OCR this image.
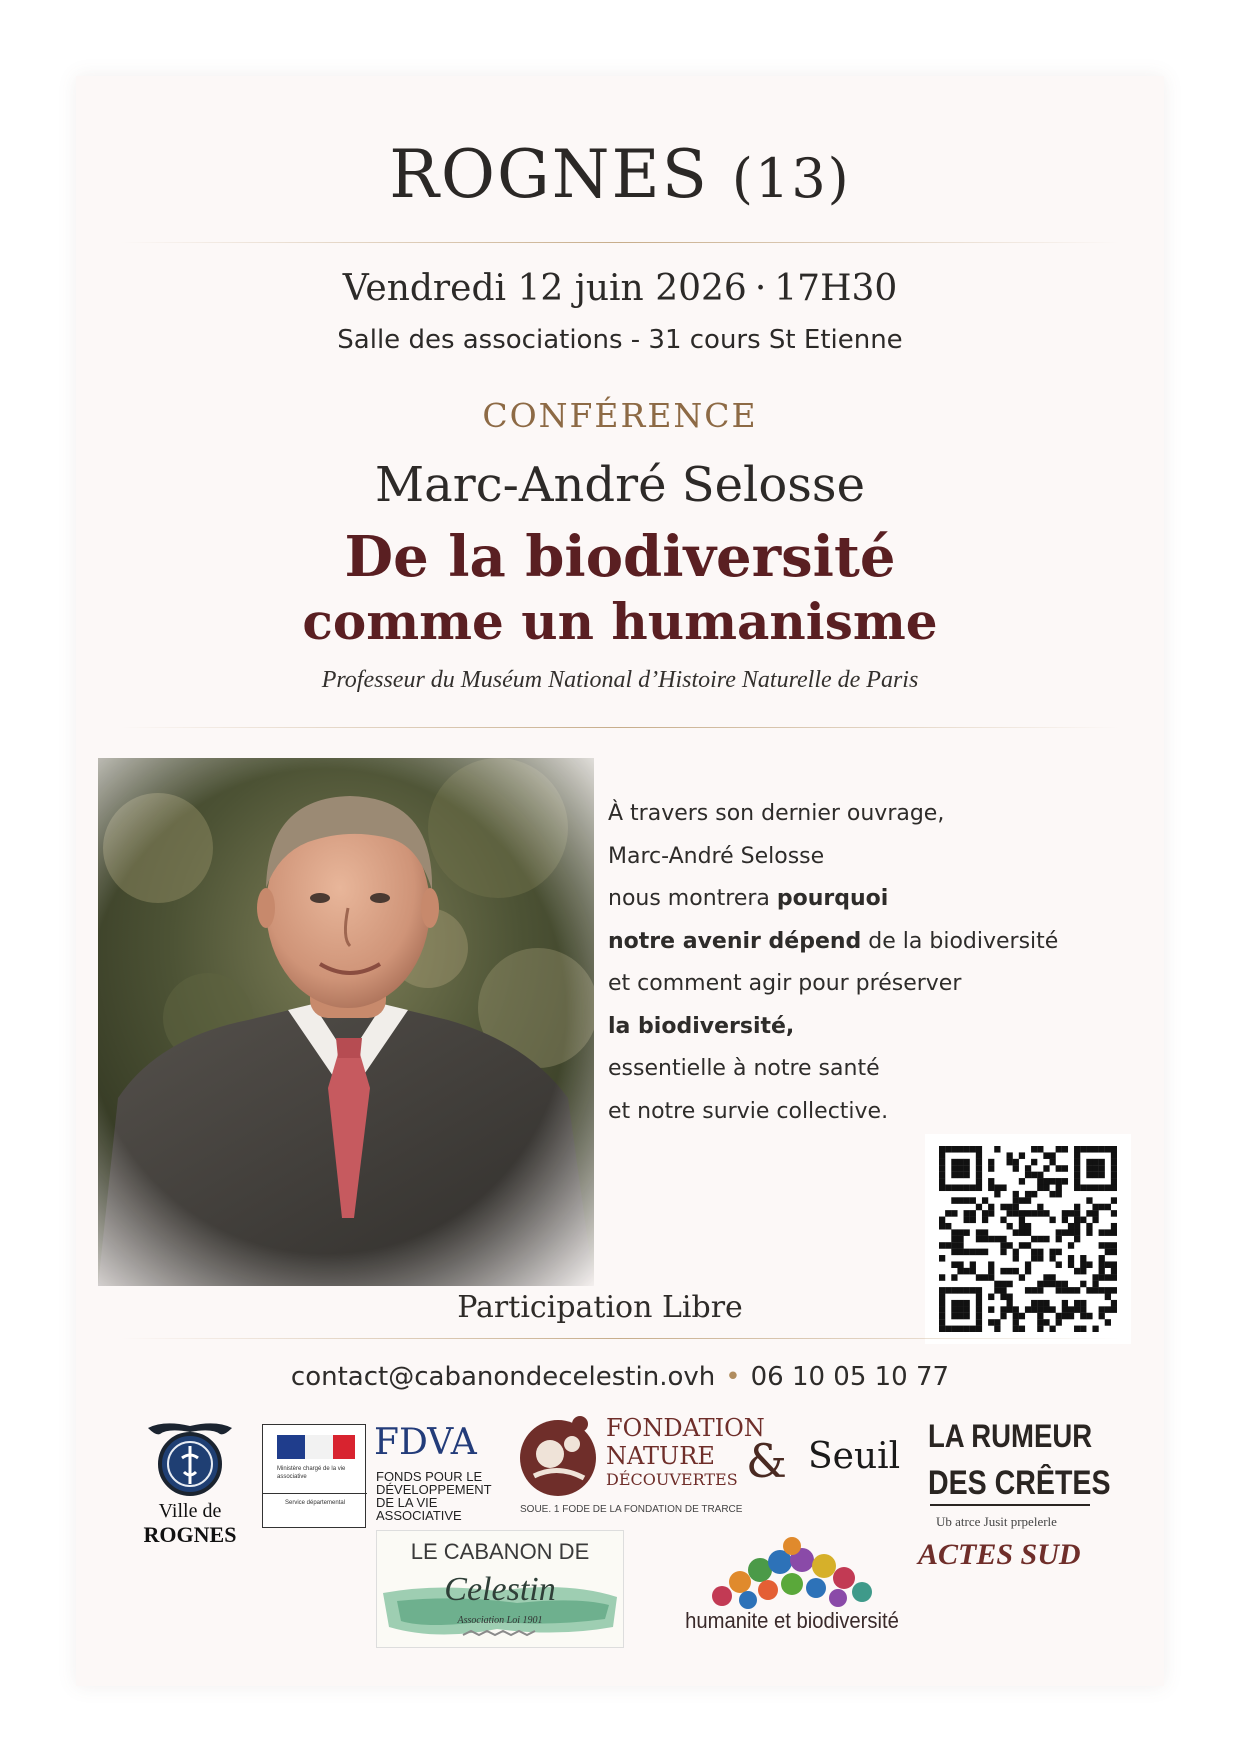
ROGNES (13)
Vendredi 12 juin 2026 · 17H30
Salle des associations - 31 cours St Etienne
CONFÉRENCE
Marc-André Selosse
De la biodiversité
comme un humanisme
Professeur du Muséum National d’Histoire Naturelle de Paris
À travers son dernier ouvrage,
Marc-André Selosse
nous montrera pourquoi
notre avenir dépend de la biodiversité
et comment agir pour préserver
la biodiversité,
essentielle à notre santé
et notre survie collective.
Participation Libre
contact@cabanondecelestin.ovh • 06 10 05 10 77
Ville de
ROGNES
Ministère chargé de la vie associative
Service départemental
FDVA
FONDS POUR LE
DÉVELOPPEMENT
DE LA VIE
ASSOCIATIVE
FONDATION
NATURE
DÉCOUVERTES &
SOUE. 1 FODE DE LA FONDATION DE TRARCE
Seuil LA RUMEUR
DES CRÊTES
Ub atrce Jusit prpelerle
LE CABANON DE
Celestin
Association Loi 1901	humanite et biodiversité
ACTES SUD
